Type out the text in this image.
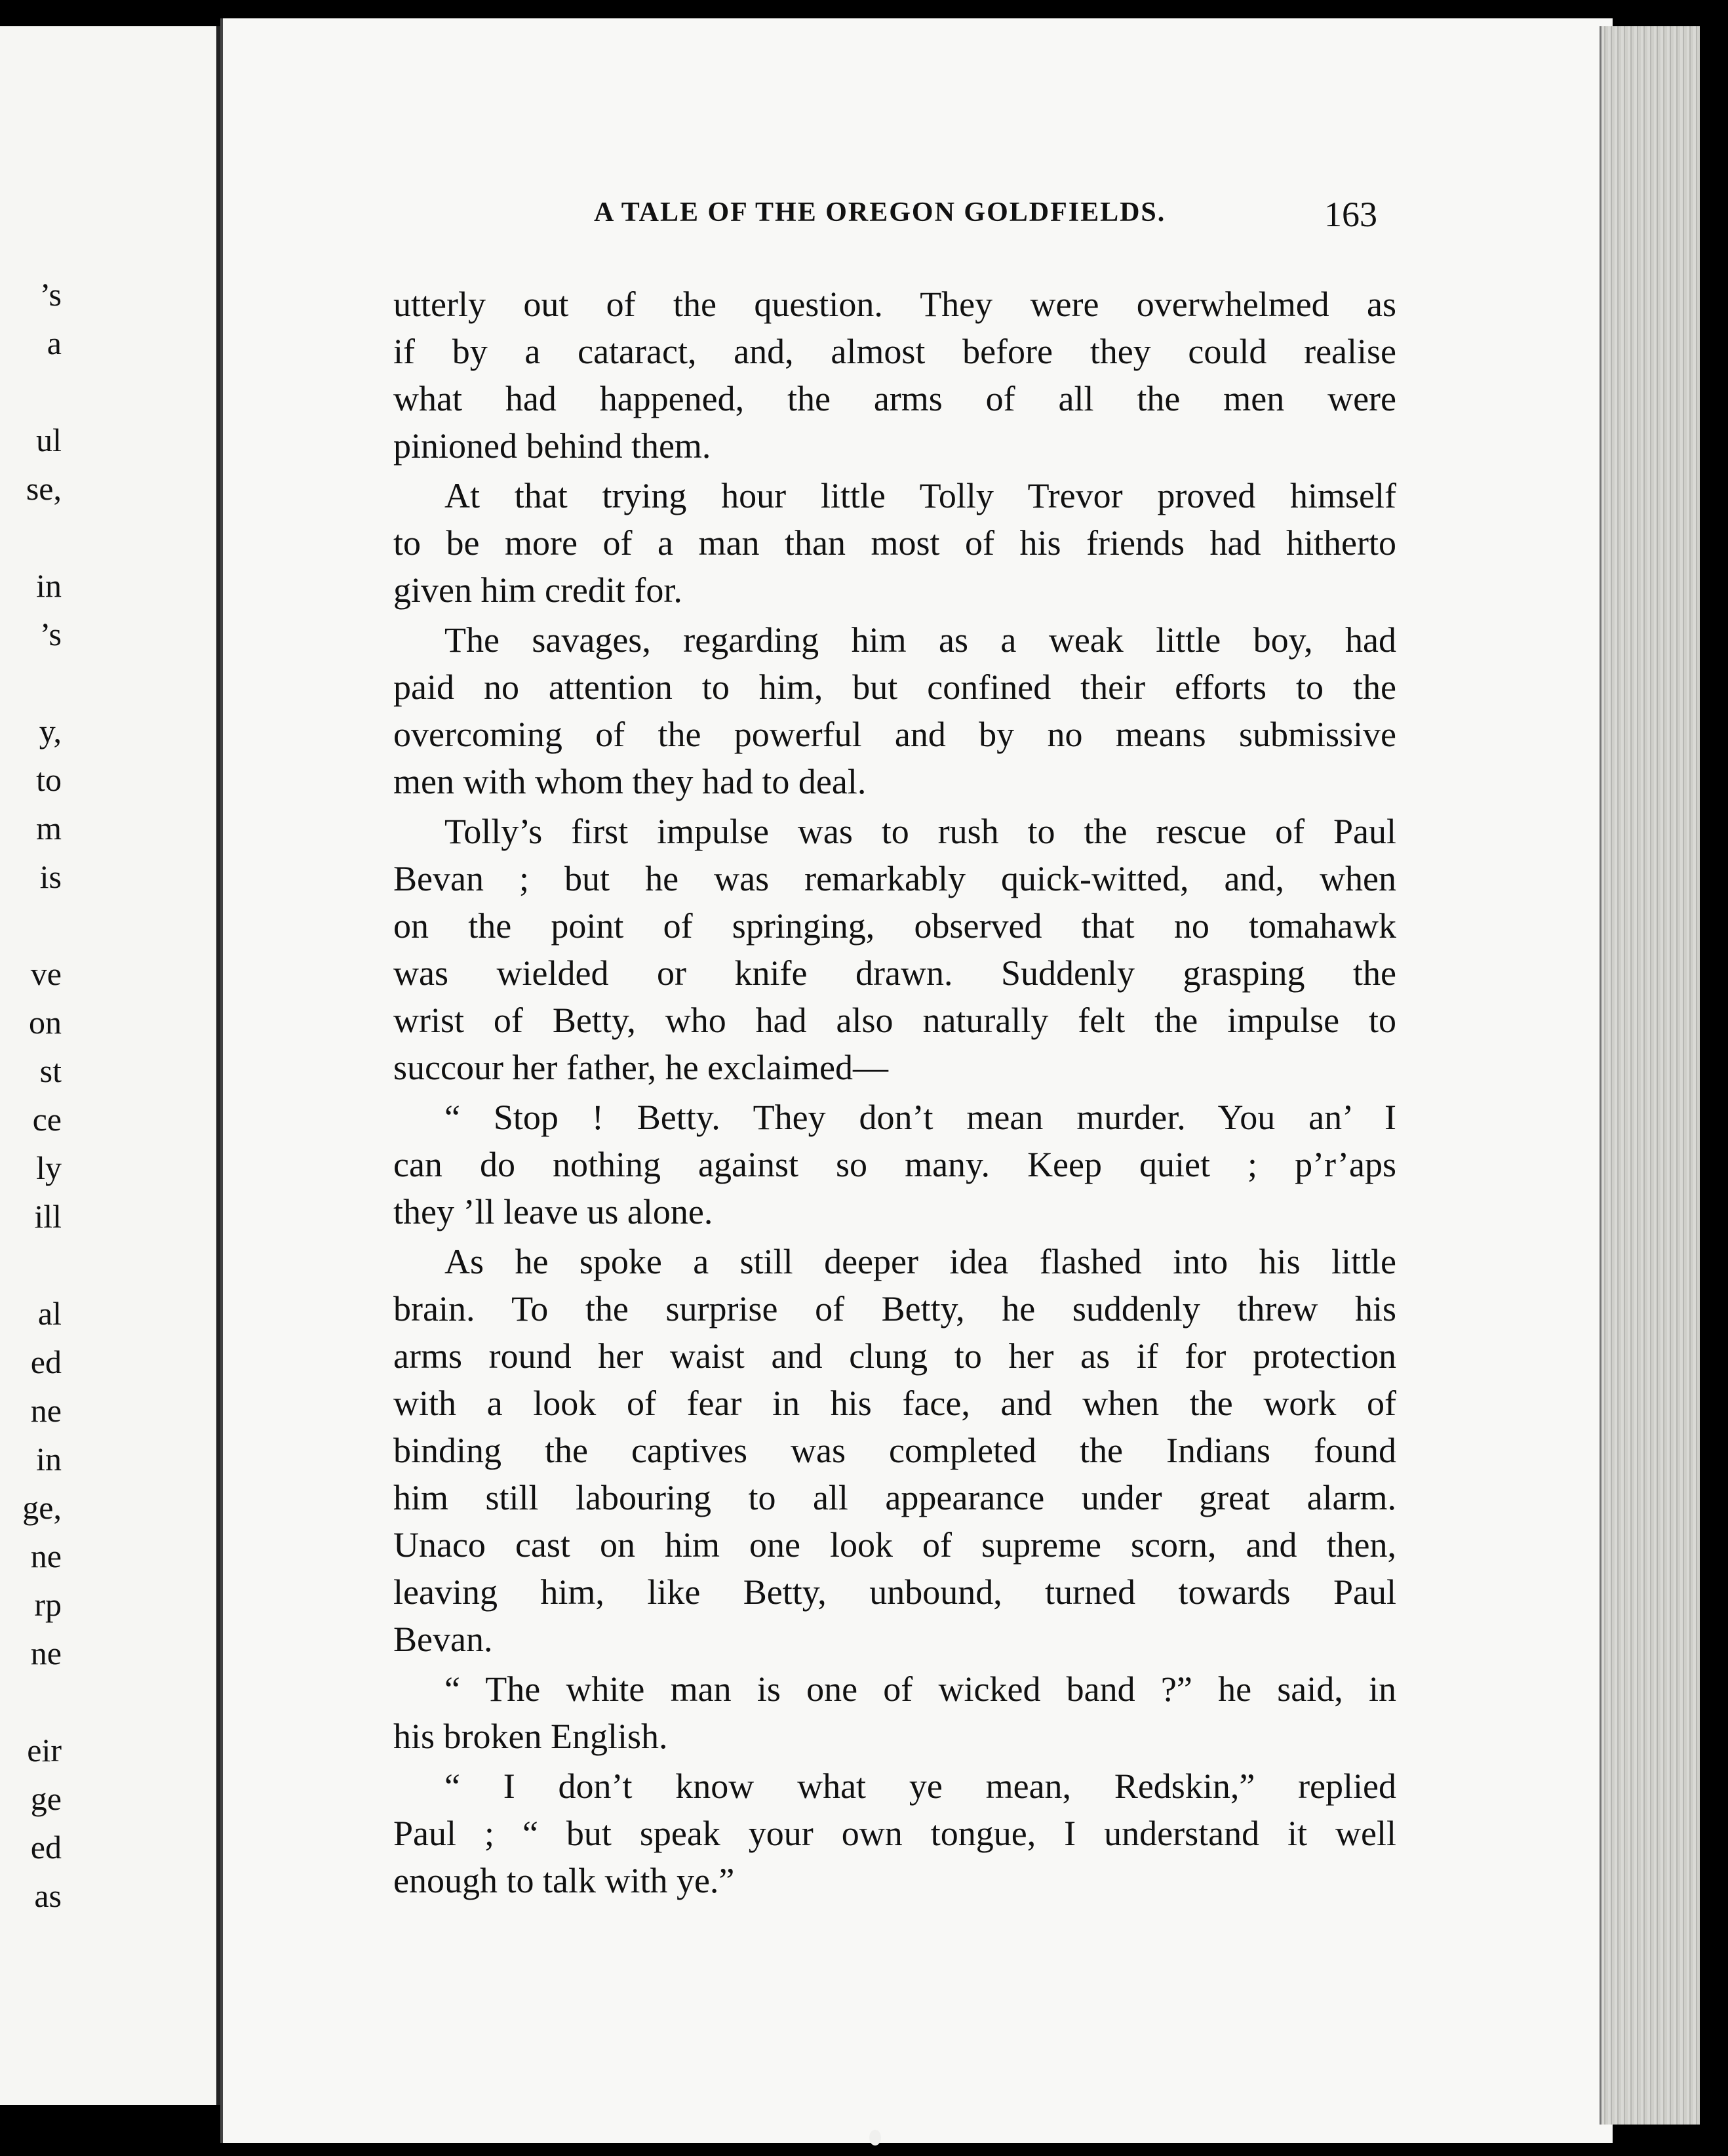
’s
a
ul
se,
in
’s
y,
to
m
is
ve
on
st
ce
ly
ill
al
ed
ne
in
ge,
ne
rp
ne
eir
ge
ed
as
A TALE OF THE OREGON GOLDFIELDS.	163
utterly out of the question. They were overwhelmed as
if by a cataract, and, almost before they could realise
what had happened, the arms of all the men were
pinioned behind them.
At that trying hour little Tolly Trevor proved himself
to be more of a man than most of his friends had hitherto
given him credit for.
The savages, regarding him as a weak little boy, had
paid no attention to him, but confined their efforts to the
overcoming of the powerful and by no means submissive
men with whom they had to deal.
Tolly’s first impulse was to rush to the rescue of Paul
Bevan ; but he was remarkably quick-witted, and, when
on the point of springing, observed that no tomahawk
was wielded or knife drawn. Suddenly grasping the
wrist of Betty, who had also naturally felt the impulse to
succour her father, he exclaimed—
“ Stop ! Betty. They don’t mean murder. You an’ I
can do nothing against so many. Keep quiet ; p’r’aps
they ’ll leave us alone.
As he spoke a still deeper idea flashed into his little
brain. To the surprise of Betty, he suddenly threw his
arms round her waist and clung to her as if for protection
with a look of fear in his face, and when the work of
binding the captives was completed the Indians found
him still labouring to all appearance under great alarm.
Unaco cast on him one look of supreme scorn, and then,
leaving him, like Betty, unbound, turned towards Paul
Bevan.
“ The white man is one of wicked band ?” he said, in
his broken English.
“ I don’t know what ye mean, Redskin,” replied
Paul ; “ but speak your own tongue, I understand it well
enough to talk with ye.”
